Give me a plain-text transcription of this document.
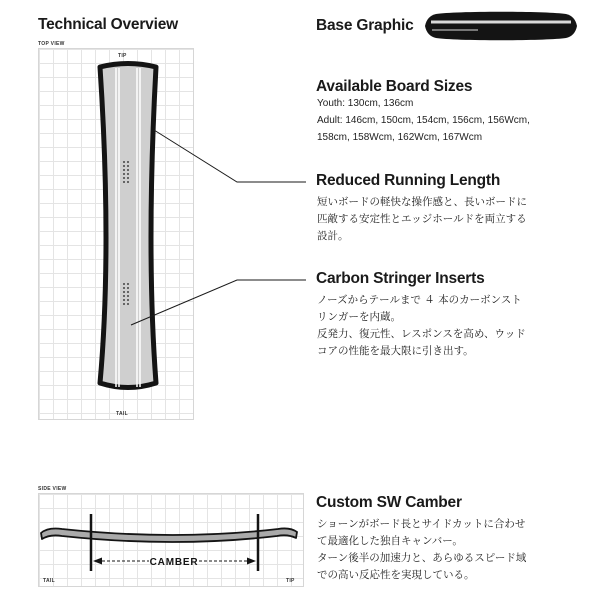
Technical Overview
TOP VIEW
TIP
TAIL
Base Graphic
Available Board Sizes
Youth: 130cm, 136cm
Adult: 146cm, 150cm, 154cm, 156cm, 156Wcm,
158cm, 158Wcm, 162Wcm, 167Wcm
Reduced Running Length
短いボードの軽快な操作感と、長いボードに
匹敵する安定性とエッジホールドを両立する
設計。
Carbon Stringer Inserts
ノーズからテールまで ４ 本のカーボンスト
リンガーを内蔵。
反発力、復元性、レスポンスを高め、ウッド
コアの性能を最大限に引き出す。
SIDE VIEW
TAIL	TIP
Custom SW Camber
ショーンがボード長とサイドカットに合わせ
て最適化した独自キャンバー。
ターン後半の加速力と、あらゆるスピード域
での高い反応性を実現している。
CAMBER
